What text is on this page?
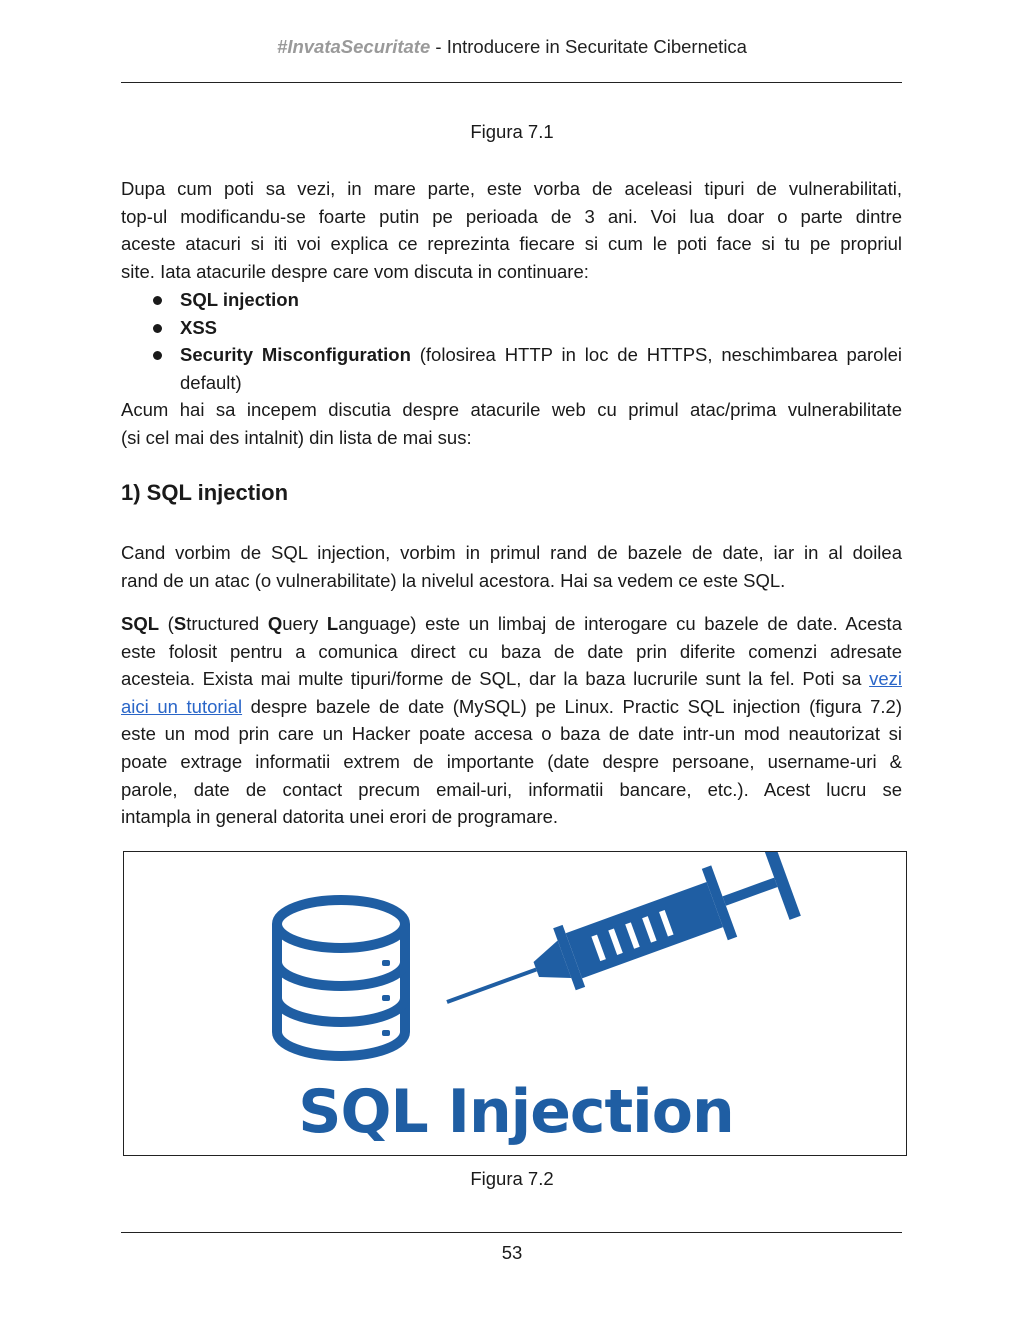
#InvataSecuritate - Introducere in Securitate Cibernetica
Figura 7.1
Dupa cum poti sa vezi, in mare parte, este vorba de aceleasi tipuri de vulnerabilitati,
top-ul modificandu-se foarte putin pe perioada de 3 ani. Voi lua doar o parte dintre
aceste atacuri si iti voi explica ce reprezinta fiecare si cum le poti face si tu pe propriul
site. Iata atacurile despre care vom discuta in continuare:
SQL injection
XSS
Security Misconfiguration (folosirea HTTP in loc de HTTPS, neschimbarea parolei default)
Acum hai sa incepem discutia despre atacurile web cu primul atac/prima vulnerabilitate
(si cel mai des intalnit) din lista de mai sus:
1) SQL injection
Cand vorbim de SQL injection, vorbim in primul rand de bazele de date, iar in al doilea
rand de un atac (o vulnerabilitate) la nivelul acestora. Hai sa vedem ce este SQL.
SQL (Structured Query Language) este un limbaj de interogare cu bazele de date. Acesta
este folosit pentru a comunica direct cu baza de date prin diferite comenzi adresate
acesteia. Exista mai multe tipuri/forme de SQL, dar la baza lucrurile sunt la fel. Poti sa vezi
aici un tutorial despre bazele de date (MySQL) pe Linux. Practic SQL injection (figura 7.2)
este un mod prin care un Hacker poate accesa o baza de date intr-un mod neautorizat si
poate extrage informatii extrem de importante (date despre persoane, username-uri &
parole, date de contact precum email-uri, informatii bancare, etc.). Acest lucru se
intampla in general datorita unei erori de programare.
SQL Injection
Figura 7.2
53
